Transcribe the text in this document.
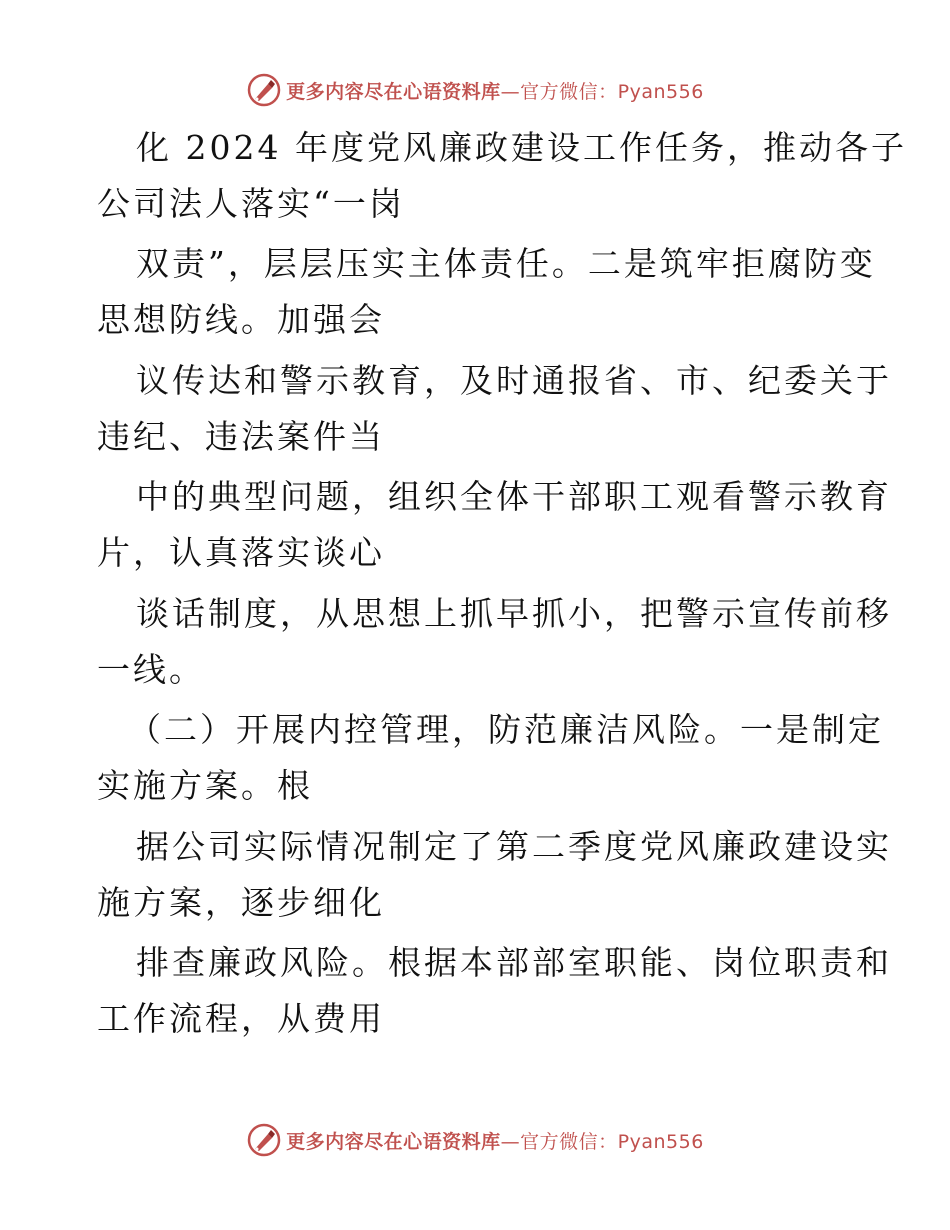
更多内容尽在心语资料库—官方微信：Pyan556
化 2024 年度党风廉政建设工作任务，推动各子
公司法人落实“一岗
双责”，层层压实主体责任。二是筑牢拒腐防变
思想防线。加强会
议传达和警示教育，及时通报省、市、纪委关于
违纪、违法案件当
中的典型问题，组织全体干部职工观看警示教育
片，认真落实谈心
谈话制度，从思想上抓早抓小，把警示宣传前移
一线。
（二）开展内控管理，防范廉洁风险。一是制定
实施方案。根
据公司实际情况制定了第二季度党风廉政建设实
施方案，逐步细化
排查廉政风险。根据本部部室职能、岗位职责和
工作流程，从费用
更多内容尽在心语资料库—官方微信：Pyan556
